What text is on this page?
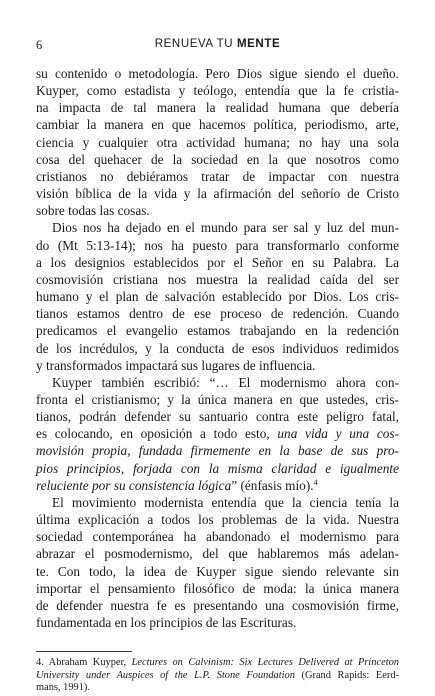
6	RENUEVA TU MENTE

su contenido o metodología. Pero Dios sigue siendo el dueño.
Kuyper, como estadista y teólogo, entendía que la fe cristia-
na impacta de tal manera la realidad humana que debería
cambiar la manera en que hacemos política, periodismo, arte,
ciencia y cualquier otra actividad humana; no hay una sola
cosa del quehacer de la sociedad en la que nosotros como
cristianos no debiéramos tratar de impactar con nuestra
visión bíblica de la vida y la afirmación del señorío de Cristo
sobre todas las cosas.

Dios nos ha dejado en el mundo para ser sal y luz del mun-
do (Mt 5:13-14); nos ha puesto para transformarlo conforme
a los designios establecidos por el Señor en su Palabra. La
cosmovisión cristiana nos muestra la realidad caída del ser
humano y el plan de salvación establecido por Dios. Los cris-
tianos estamos dentro de ese proceso de redención. Cuando
predicamos el evangelio estamos trabajando en la redención
de los incrédulos, y la conducta de esos individuos redimidos
y transformados impactará sus lugares de influencia.

Kuyper también escribió: “… El modernismo ahora con-
fronta el cristianismo; y la única manera en que ustedes, cris-
tianos, podrán defender su santuario contra este peligro fatal,
es colocando, en oposición a todo esto, una vida y una cos-
movisión propia, fundada firmemente en la base de sus pro-
pios principios, forjada con la misma claridad e igualmente
reluciente por su consistencia lógica” (énfasis mío).$^4$

El movimiento modernista entendía que la ciencia tenía la
última explicación a todos los problemas de la vida. Nuestra
sociedad contemporánea ha abandonado el modernismo para
abrazar el posmodernismo, del que hablaremos más adelan-
te. Con todo, la idea de Kuyper sigue siendo relevante sin
importar el pensamiento filosófico de moda: la única manera
de defender nuestra fe es presentando una cosmovisión firme,
fundamentada en los principios de las Escrituras.

4. Abraham Kuyper, Lectures on Calvinism: Six Lectures Delivered at Princeton
University under Auspices of the L.P. Stone Foundation (Grand Rapids: Eerd-
mans, 1991).
